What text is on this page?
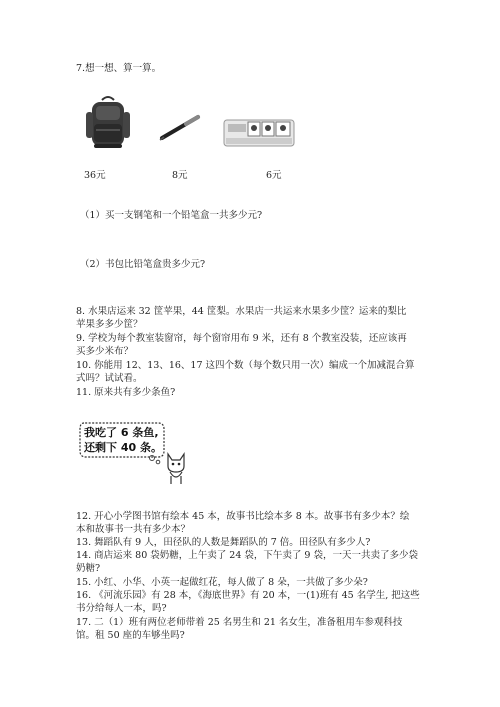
7.想一想、算一算。
36元	8元	6元
（1）买一支钢笔和一个铅笔盒一共多少元?
（2）书包比铅笔盒贵多少元?
8. 水果店运来 32 筐苹果，44 筐梨。水果店一共运来水果多少筐？运来的梨比
苹果多多少筐？
9. 学校为每个教室装窗帘，每个窗帘用布 9 米，还有 8 个教室没装，还应该再
买多少米布？
10. 你能用 12、13、16、17 这四个数（每个数只用一次）编成一个加减混合算
式吗？试试看。
11. 原来共有多少条鱼?
我吃了 6 条鱼,
还剩下 40 条。
12. 开心小学图书馆有绘本 45 本，故事书比绘本多 8 本。故事书有多少本？绘
本和故事书一共有多少本？
13. 舞蹈队有 9 人，田径队的人数是舞蹈队的 7 倍。田径队有多少人?
14. 商店运来 80 袋奶糖，上午卖了 24 袋，下午卖了 9 袋，一天一共卖了多少袋
奶糖?
15. 小红、小华、小英一起做红花，每人做了 8 朵，一共做了多少朵?
16. 《河流乐园》有 28 本，《海底世界》有 20 本，一(1)班有 45 名学生, 把这些
书分给每人一本，吗?
17. 二（1）班有两位老师带着 25 名男生和 21 名女生，准备租用车参观科技
馆。租 50 座的车够坐吗?
